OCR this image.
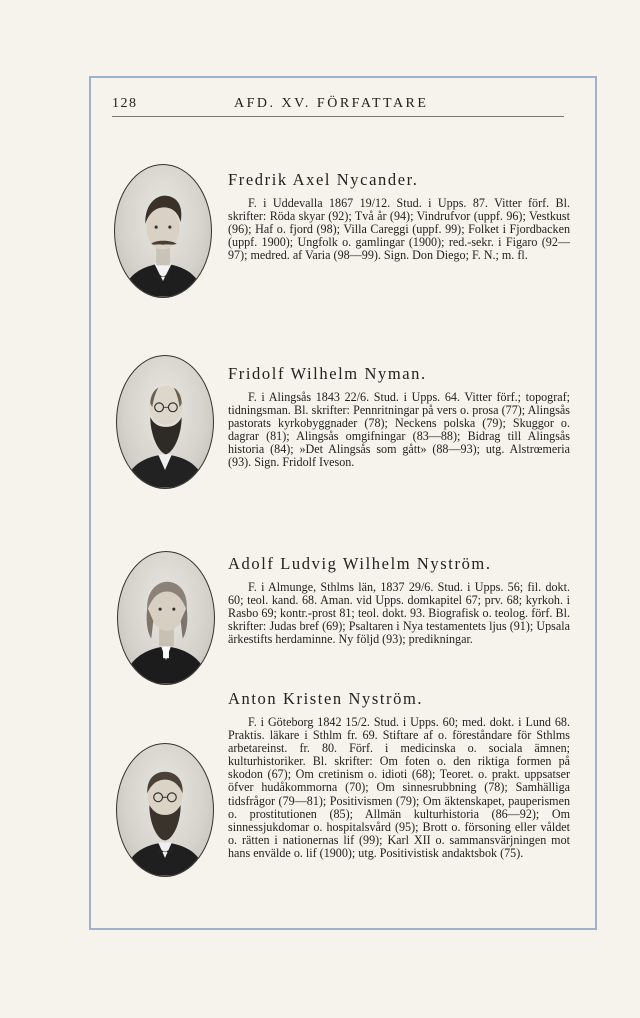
128	AFD. XV. FÖRFATTARE

Fredrik Axel Nycander.

F. i Uddevalla 1867 19/12. Stud. i Upps. 87. Vitter förf. Bl. skrifter: Röda skyar (92); Två år (94); Vindrufvor (uppf. 96); Vestkust (96); Haf o. fjord (98); Villa Careggi (uppf. 99); Folket i Fjordbacken (uppf. 1900); Ungfolk o. gamlingar (1900); red.-sekr. i Figaro (92—97); medred. af Varia (98—99). Sign. Don Diego; F. N.; m. fl.

Fridolf Wilhelm Nyman.

F. i Alingsås 1843 22/6. Stud. i Upps. 64. Vitter förf.; topograf; tidningsman. Bl. skrifter: Pennritningar på vers o. prosa (77); Alingsås pastorats kyrkobyggnader (78); Neckens polska (79); Skuggor o. dagrar (81); Alingsås omgifningar (83—88); Bidrag till Alingsås historia (84); »Det Alingsås som gått» (88—93); utg. Alstrœmeria (93). Sign. Fridolf Iveson.

Adolf Ludvig Wilhelm Nyström.

F. i Almunge, Sthlms län, 1837 29/6. Stud. i Upps. 56; fil. dokt. 60; teol. kand. 68. Aman. vid Upps. domkapitel 67; prv. 68; kyrkoh. i Rasbo 69; kontr.-prost 81; teol. dokt. 93. Biografisk o. teolog. förf. Bl. skrifter: Judas bref (69); Psaltaren i Nya testamentets ljus (91); Upsala ärkestifts herdaminne. Ny följd (93); predikningar.

Anton Kristen Nyström.

F. i Göteborg 1842 15/2. Stud. i Upps. 60; med. dokt. i Lund 68. Praktis. läkare i Sthlm fr. 69. Stiftare af o. föreståndare för Sthlms arbetareinst. fr. 80. Förf. i medicinska o. sociala ämnen; kulturhistoriker. Bl. skrifter: Om foten o. den riktiga formen på skodon (67); Om cretinism o. idioti (68); Teoret. o. prakt. uppsatser öfver hudåkommorna (70); Om sinnesrubbning (78); Samhälliga tidsfrågor (79—81); Positivismen (79); Om äktenskapet, pauperismen o. prostitutionen (85); Allmän kulturhistoria (86—92); Om sinnessjukdomar o. hospitalsvård (95); Brott o. försoning eller våldet o. rätten i nationernas lif (99); Karl XII o. sammansvärjningen mot hans envälde o. lif (1900); utg. Positivistisk andaktsbok (75).
